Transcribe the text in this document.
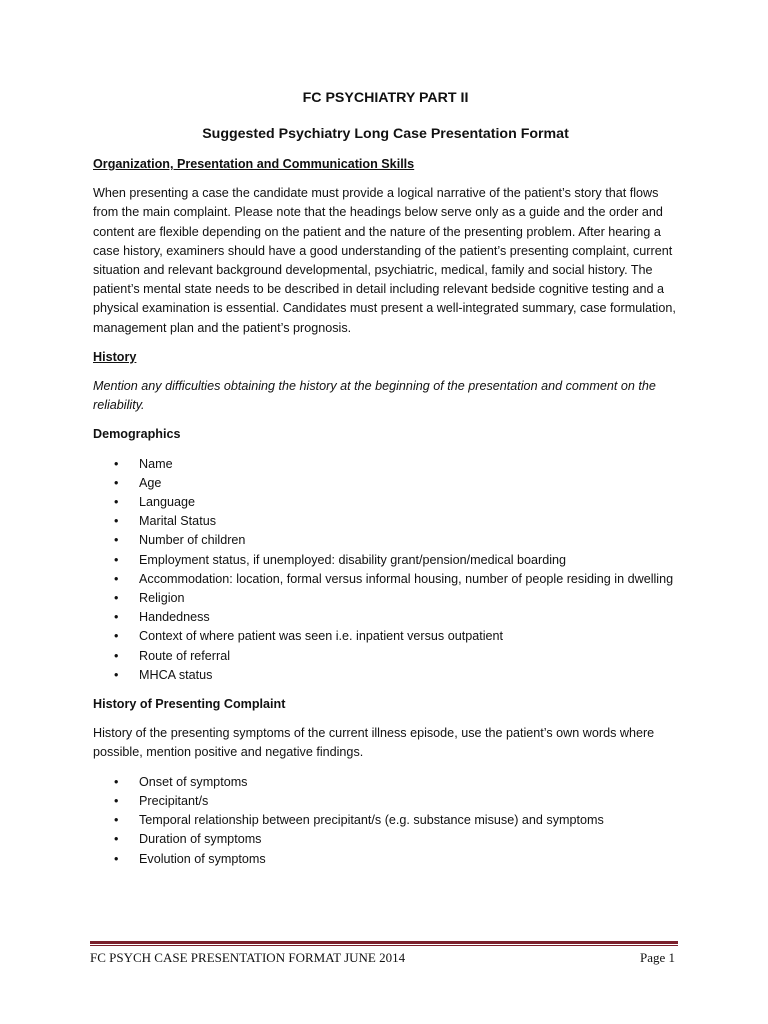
FC PSYCHIATRY PART II
Suggested Psychiatry Long Case Presentation Format
Organization, Presentation and Communication Skills

When presenting a case the candidate must provide a logical narrative of the patient’s story that flows from the main complaint. Please note that the headings below serve only as a guide and the order and content are flexible depending on the patient and the nature of the presenting problem. After hearing a case history, examiners should have a good understanding of the patient’s presenting complaint, current situation and relevant background developmental, psychiatric, medical, family and social history. The patient’s mental state needs to be described in detail including relevant bedside cognitive testing and a physical examination is essential. Candidates must present a well-integrated summary, case formulation, management plan and the patient’s prognosis.

History

Mention any difficulties obtaining the history at the beginning of the presentation and comment on the reliability.

Demographics
• Name
• Age
• Language
• Marital Status
• Number of children
• Employment status, if unemployed: disability grant/pension/medical boarding
• Accommodation: location, formal versus informal housing, number of people residing in dwelling
• Religion
• Handedness
• Context of where patient was seen i.e. inpatient versus outpatient
• Route of referral
• MHCA status
History of Presenting Complaint

History of the presenting symptoms of the current illness episode, use the patient’s own words where possible, mention positive and negative findings.

• Onset of symptoms
• Precipitant/s
• Temporal relationship between precipitant/s (e.g. substance misuse) and symptoms
• Duration of symptoms
• Evolution of symptoms
FC PSYCH CASE PRESENTATION FORMAT JUNE 2014	Page 1
